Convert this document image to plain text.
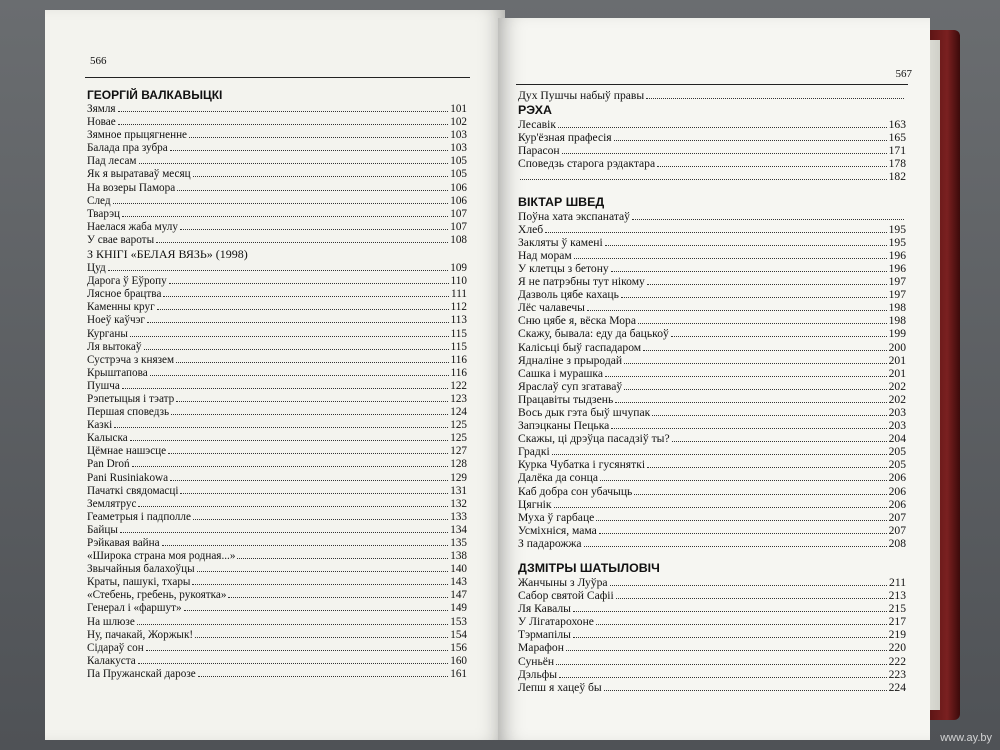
566
ГЕОРГІЙ ВАЛКАВЫЦКІ
Зямля	101
Новае	102
Зямное прыцягненне	103
Балада пра зубра	103
Пад лесам	105
Як я выратаваў месяц	105
На возеры Памора	106
След	106
Тварэц	107
Наелася жаба мулу	107
У свае вароты	108
З КНІГІ «БЕЛАЯ ВЯЗЬ» (1998)
Цуд	109
Дарога ў Еўропу	110
Лясное брацтва	111
Каменны круг	112
Ноеў каўчэг	113
Курганы	115
Ля вытокаў	115
Сустрэча з князем	116
Крыштапова	116
Пушча	122
Рэпетыцыя і тэатр	123
Першая споведзь	124
Казкі	125
Калыска	125
Цёмнае нашэсце	127
Pan Droń	128
Pani Rusiniakowa	129
Пачаткі свядомасці	131
Землятрус	132
Геаметрыя і падполле	133
Байцы	134
Рэйкавая вайна	135
«Широка страна моя родная...»	138
Звычайныя балахоўцы	140
Краты, пашукі, тхары	143
«Стебень, гребень, рукоятка»	147
Генерал і «фаршут»	149
На шлюзе	153
Ну, пачакай, Жоржык!	154
Сідараў сон	156
Калакуста	160
Па Пружанскай дарозе	161
567
Дух Пушчы набыў правы
РЭХА
Лесавік	163
Кур'ёзная прафесія	165
Парасон	171
Споведзь старога рэдактара	178
182
ВІКТАР ШВЕД
Поўна хата экспанатаў
Хлеб	195
Закляты ў камені	195
Над морам	196
У клетцы з бетону	196
Я не патрэбны тут нікому	197
Дазволь цябе кахаць	197
Лёс чалавечы	198
Сню цябе я, вёска Мора	198
Скажу, бывала: еду да бацькоў	199
Калісьці быў гаспадаром	200
Ядналіне з прыродай	201
Сашка і мурашка	201
Яраслаў суп згатаваў	202
Працавіты тыдзень	202
Вось дык гэта быў шчупак	203
Запэцканы Пецька	203
Скажы, ці дрэўца пасадзіў ты?	204
Градкі	205
Курка Чубатка і гусяняткі	205
Далёка да сонца	206
Каб добра сон убачыць	206
Цягнік	206
Муха ў гарбаце	207
Усміхніся, мама	207
З падарожжа	208
ДЗМІТРЫ ШАТЫЛОВІЧ
Жанчыны з Луўра	211
Сабор святой Сафіі	213
Ля Кавалы	215
У Лігатарохоне	217
Тэрмапілы	219
Марафон	220
Суньён	222
Дэльфы	223
Лепш я хацеў бы	224
www.ay.by
